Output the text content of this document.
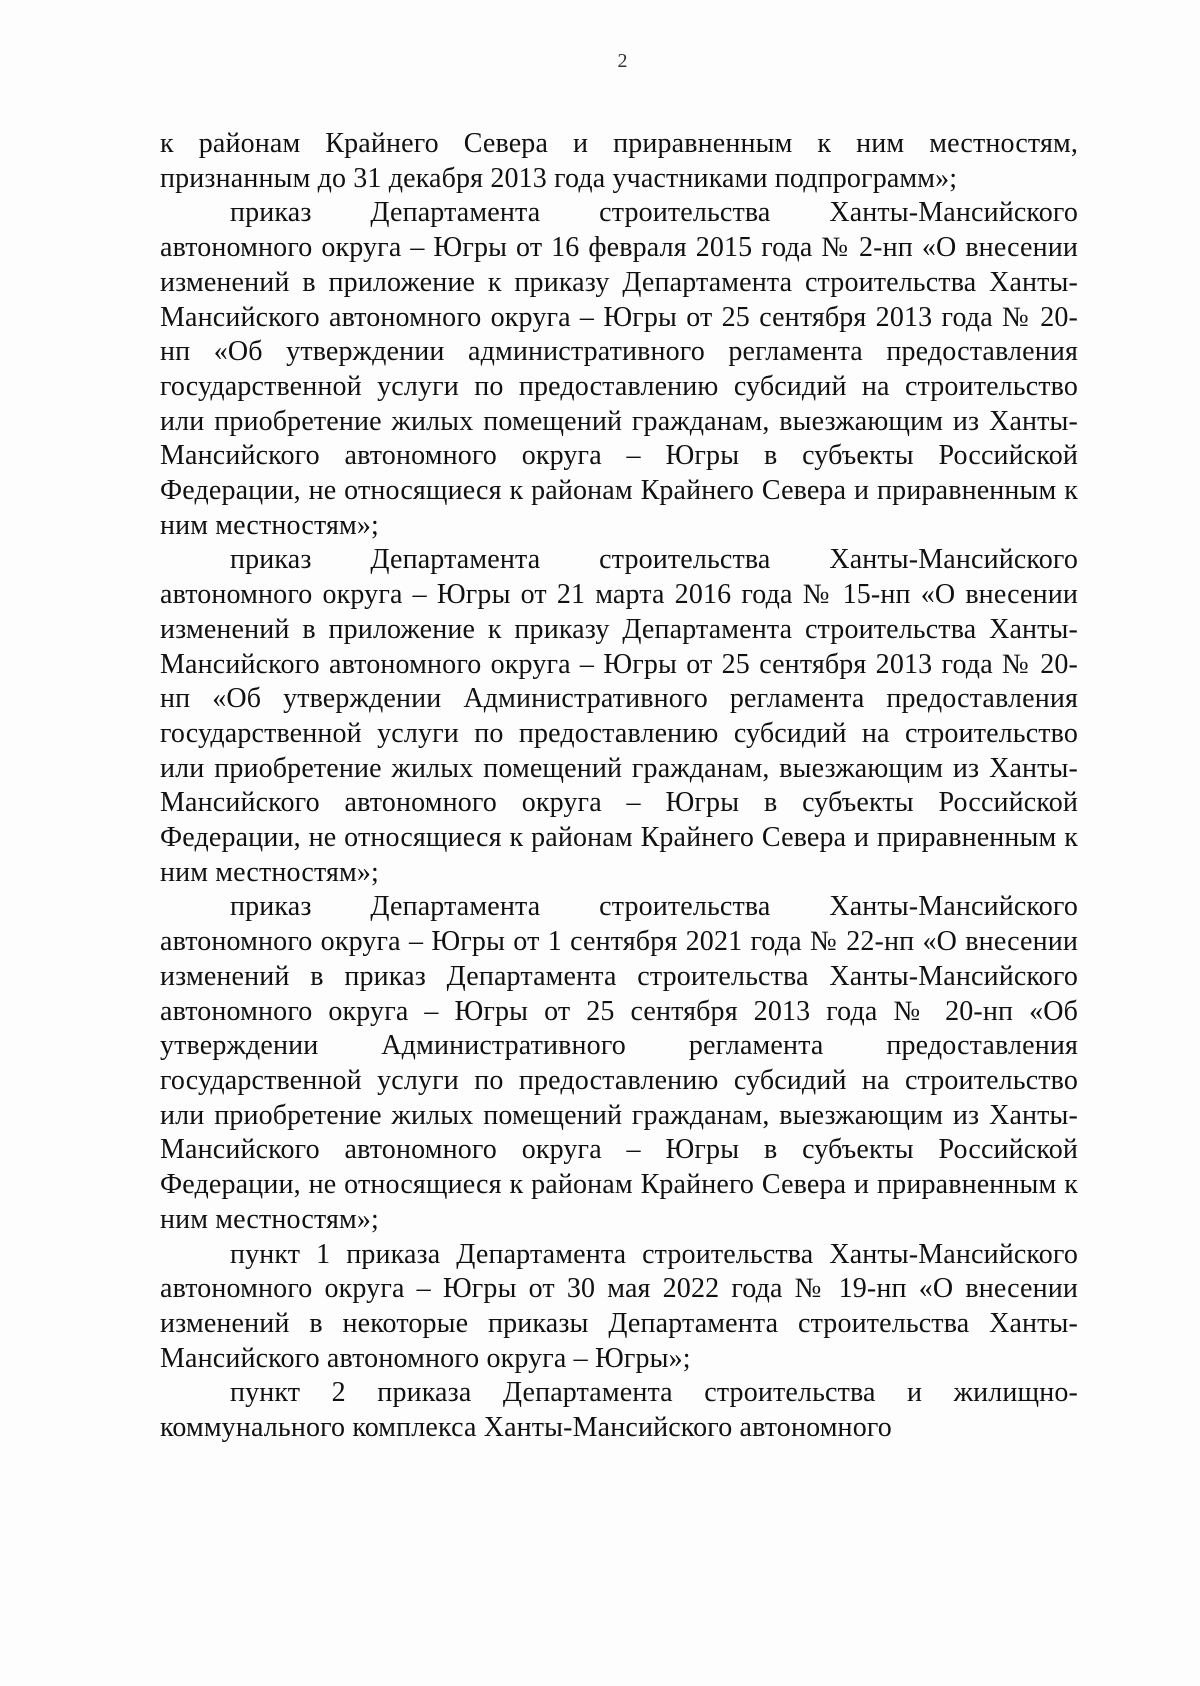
2

к районам Крайнего Севера и приравненным к ним местностям, признанным до 31 декабря 2013 года участниками подпрограмм»;

приказ Департамента строительства Ханты-Мансийского автономного округа – Югры от 16 февраля 2015 года № 2-нп «О внесении изменений в приложение к приказу Департамента строительства Ханты-Мансийского автономного округа – Югры от 25 сентября 2013 года № 20-нп «Об утверждении административного регламента предоставления государственной услуги по предоставлению субсидий на строительство или приобретение жилых помещений гражданам, выезжающим из Ханты-Мансийского автономного округа – Югры в субъекты Российской Федерации, не относящиеся к районам Крайнего Севера и приравненным к ним местностям»;

приказ Департамента строительства Ханты-Мансийского автономного округа – Югры от 21 марта 2016 года № 15-нп «О внесении изменений в приложение к приказу Департамента строительства Ханты-Мансийского автономного округа – Югры от 25 сентября 2013 года № 20-нп «Об утверждении Административного регламента предоставления государственной услуги по предоставлению субсидий на строительство или приобретение жилых помещений гражданам, выезжающим из Ханты-Мансийского автономного округа – Югры в субъекты Российской Федерации, не относящиеся к районам Крайнего Севера и приравненным к ним местностям»;

приказ Департамента строительства Ханты-Мансийского автономного округа – Югры от 1 сентября 2021 года № 22-нп «О внесении изменений в приказ Департамента строительства Ханты-Мансийского автономного округа – Югры от 25 сентября 2013 года № 20-нп «Об утверждении Административного регламента предоставления государственной услуги по предоставлению субсидий на строительство или приобретение жилых помещений гражданам, выезжающим из Ханты-Мансийского автономного округа – Югры в субъекты Российской Федерации, не относящиеся к районам Крайнего Севера и приравненным к ним местностям»;

пункт 1 приказа Департамента строительства Ханты-Мансийского автономного округа – Югры от 30 мая 2022 года № 19-нп «О внесении изменений в некоторые приказы Департамента строительства Ханты-Мансийского автономного округа – Югры»;

пункт 2 приказа Департамента строительства и жилищно-коммунального комплекса Ханты-Мансийского автономного
